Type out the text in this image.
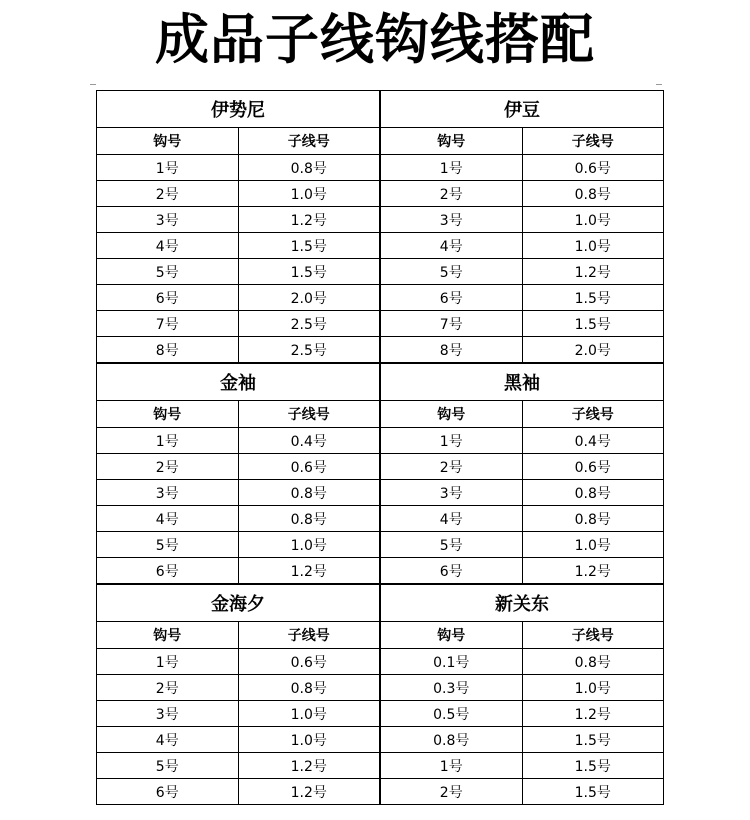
成品子线钩线搭配
伊势尼	
钩号	子线号
1号	0.8号
2号	1.0号
3号	1.2号
4号	1.5号
5号	1.5号
6号	2.0号
7号	2.5号
8号	2.5号
伊豆	
钩号	子线号
1号	0.6号
2号	0.8号
3号	1.0号
4号	1.0号
5号	1.2号
6号	1.5号
7号	1.5号
8号	2.0号
金袖	
钩号	子线号
1号	0.4号
2号	0.6号
3号	0.8号
4号	0.8号
5号	1.0号
6号	1.2号
黑袖	
钩号	子线号
1号	0.4号
2号	0.6号
3号	0.8号
4号	0.8号
5号	1.0号
6号	1.2号
金海夕	
钩号	子线号
1号	0.6号
2号	0.8号
3号	1.0号
4号	1.0号
5号	1.2号
6号	1.2号
新关东	
钩号	子线号
0.1号	0.8号
0.3号	1.0号
0.5号	1.2号
0.8号	1.5号
1号	1.5号
2号	1.5号
